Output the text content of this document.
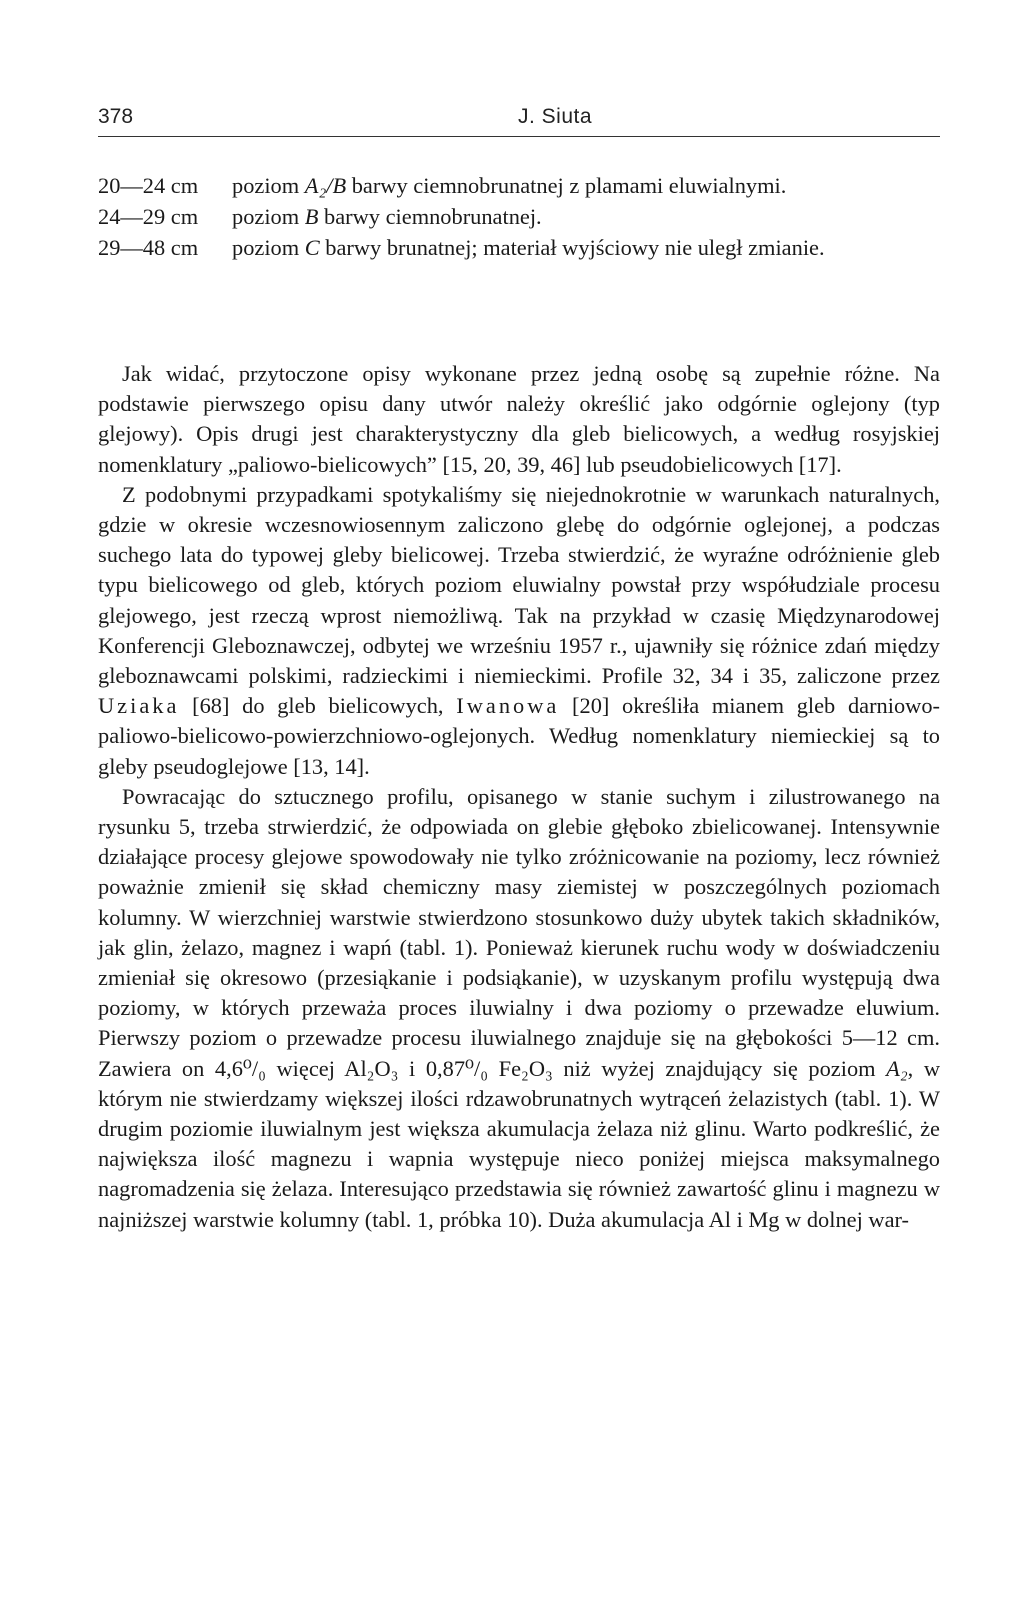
378	J. Siuta
20—24 cm	poziom A₂/B barwy ciemnobrunatnej z plamami eluwialnymi.
24—29 cm	poziom B barwy ciemnobrunatnej.
29—48 cm	poziom C barwy brunatnej; materiał wyjściowy nie uległ zmianie.

Jak widać, przytoczone opisy wykonane przez jedną osobę są zupełnie różne. Na podstawie pierwszego opisu dany utwór należy określić jako odgórnie oglejony (typ glejowy). Opis drugi jest charakterystyczny dla gleb bielicowych, a według rosyjskiej nomenklatury „paliowo-bielicowych” [15, 20, 39, 46] lub pseudobielicowych [17].

Z podobnymi przypadkami spotykaliśmy się niejednokrotnie w warunkach naturalnych, gdzie w okresie wczesnowiosennym zaliczono glebę do odgórnie oglejonej, a podczas suchego lata do typowej gleby bielicowej. Trzeba stwierdzić, że wyraźne odróżnienie gleb typu bielicowego od gleb, których poziom eluwialny powstał przy współudziale procesu glejowego, jest rzeczą wprost niemożliwą. Tak na przykład w czasię Międzynarodowej Konferencji Gleboznawczej, odbytej we wrześniu 1957 r., ujawniły się różnice zdań między gleboznawcami polskimi, radzieckimi i niemieckimi. Profile 32, 34 i 35, zaliczone przez Uziaka [68] do gleb bielicowych, Iwanowa [20] określiła mianem gleb darniowo-paliowo-bielicowo-powierzchniowo-oglejonych. Według nomenklatury niemieckiej są to gleby pseudoglejowe [13, 14].

Powracając do sztucznego profilu, opisanego w stanie suchym i zilustrowanego na rysunku 5, trzeba strwierdzić, że odpowiada on glebie głęboko zbielicowanej. Intensywnie działające procesy glejowe spowodowały nie tylko zróżnicowanie na poziomy, lecz również poważnie zmienił się skład chemiczny masy ziemistej w poszczególnych poziomach kolumny. W wierzchniej warstwie stwierdzono stosunkowo duży ubytek takich składników, jak glin, żelazo, magnez i wapń (tabl. 1). Ponieważ kierunek ruchu wody w doświadczeniu zmieniał się okresowo (przesiąkanie i podsiąkanie), w uzyskanym profilu występują dwa poziomy, w których przeważa proces iluwialny i dwa poziomy o przewadze eluwium. Pierwszy poziom o przewadze procesu iluwialnego znajduje się na głębokości 5—12 cm. Zawiera on 4,6⁰/₀ więcej Al₂O₃ i 0,87⁰/₀ Fe₂O₃ niż wyżej znajdujący się poziom A₂, w którym nie stwierdzamy większej ilości rdzawobrunatnych wytrąceń żelazistych (tabl. 1). W drugim poziomie iluwialnym jest większa akumulacja żelaza niż glinu. Warto podkreślić, że największa ilość magnezu i wapnia występuje nieco poniżej miejsca maksymalnego nagromadzenia się żelaza. Interesująco przedstawia się również zawartość glinu i magnezu w najniższej warstwie kolumny (tabl. 1, próbka 10). Duża akumulacja Al i Mg w dolnej war-
